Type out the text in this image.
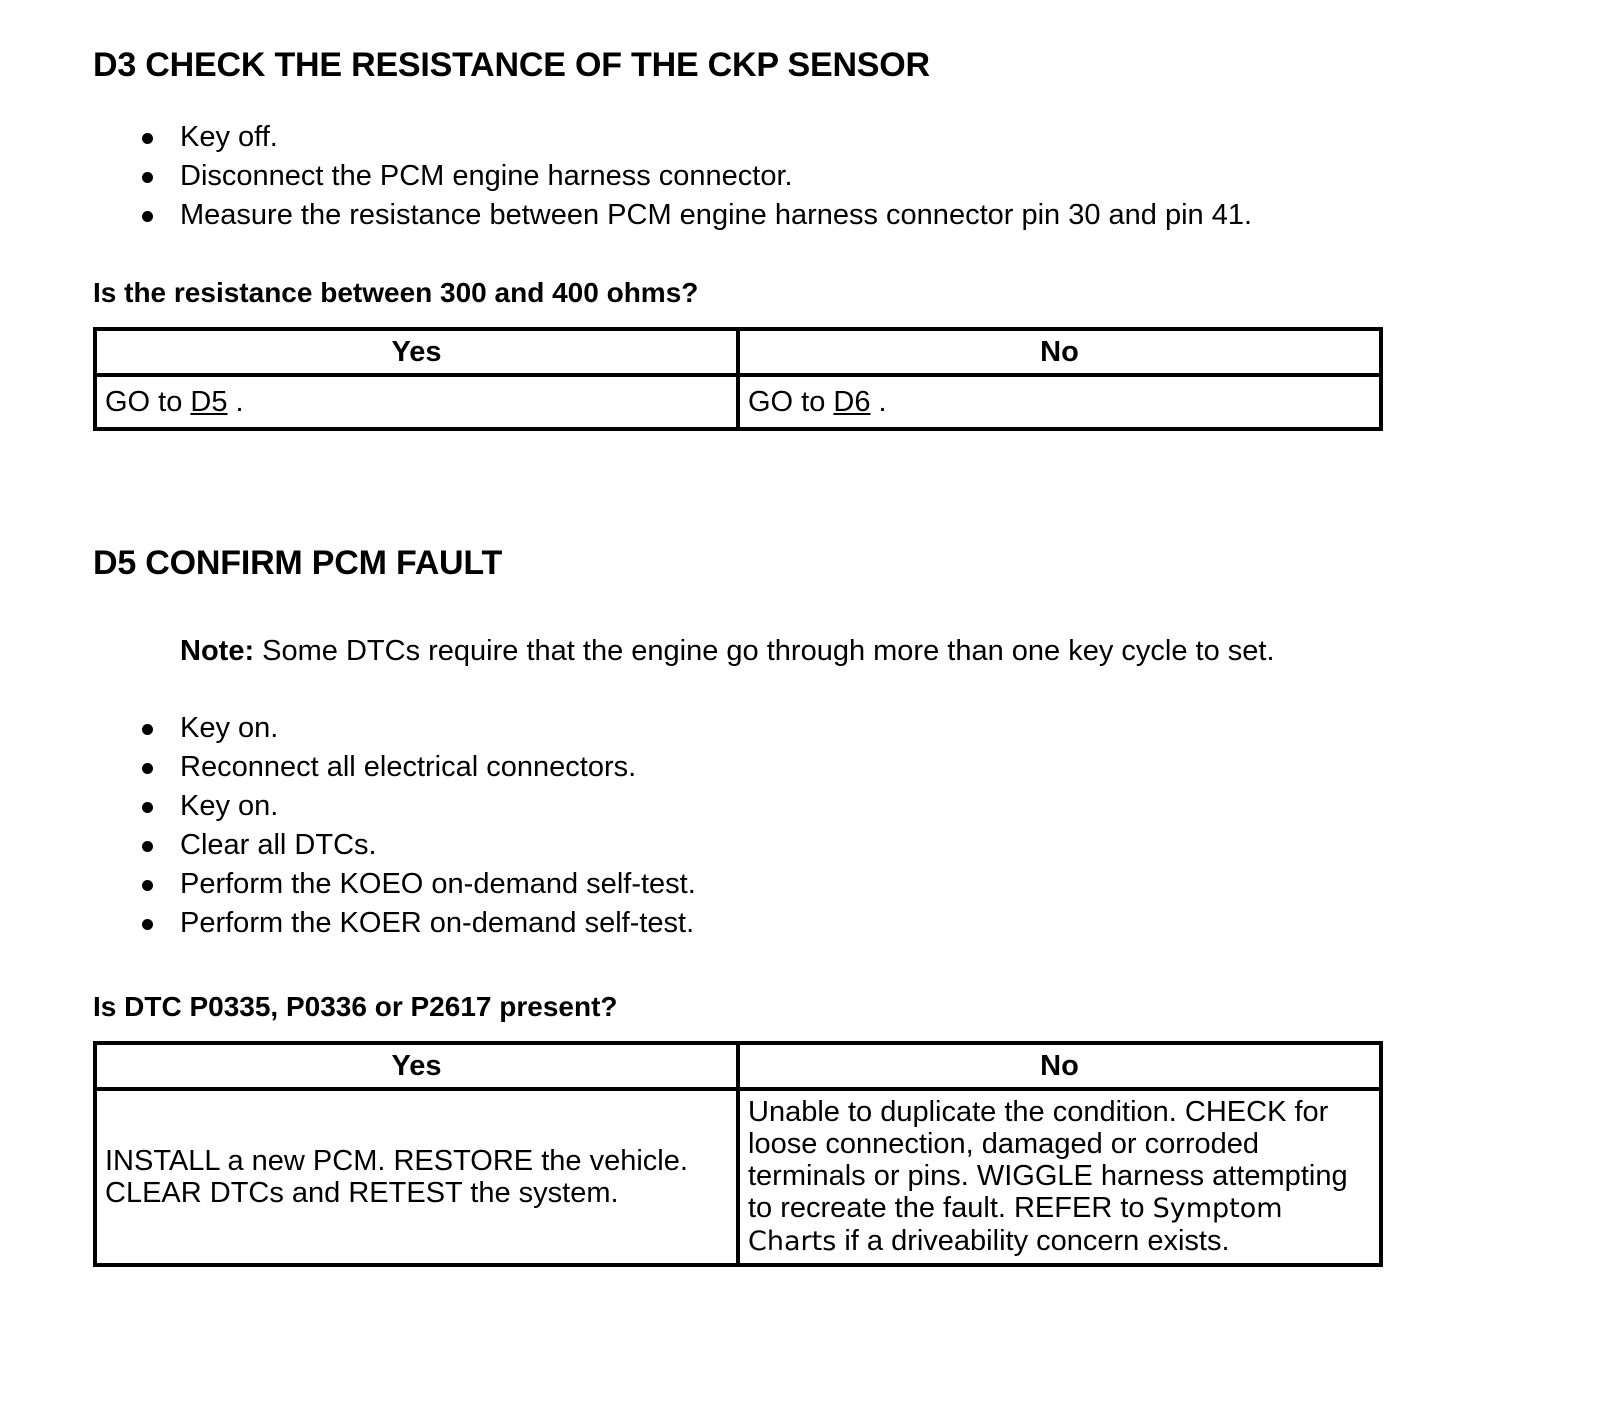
D3 CHECK THE RESISTANCE OF THE CKP SENSOR
Key off.
Disconnect the PCM engine harness connector.
Measure the resistance between PCM engine harness connector pin 30 and pin 41.

Is the resistance between 300 and 400 ohms?

Yes	No
GO to D5 .	GO to D6 .
D5 CONFIRM PCM FAULT
Note: Some DTCs require that the engine go through more than one key cycle to set.
Key on.
Reconnect all electrical connectors.
Key on.
Clear all DTCs.
Perform the KOEO on-demand self-test.
Perform the KOER on-demand self-test.

Is DTC P0335, P0336 or P2617 present?

Yes	No
INSTALL a new PCM. RESTORE the vehicle.
CLEAR DTCs and RETEST the system.	Unable to duplicate the condition. CHECK for loose connection, damaged or corroded terminals or pins. WIGGLE harness attempting to recreate the fault. REFER to Symptom Charts if a driveability concern exists.
